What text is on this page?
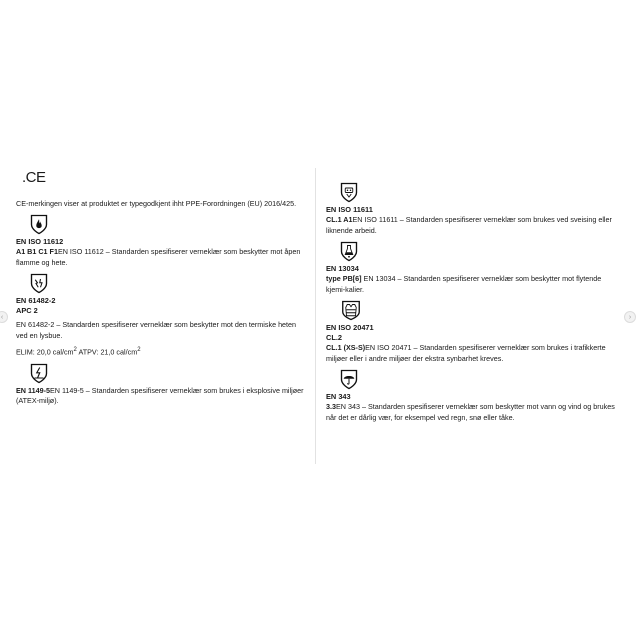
‹	›
.CE

CE-merkingen viser at produktet er typegodkjent ihht PPE-Forordningen (EU) 2016/425.

EN ISO 11612
A1 B1 C1 F1EN ISO 11612 – Standarden spesifiserer verneklær som beskytter mot åpen flamme og hete.
EN 61482-2
APC 2
EN 61482-2 – Standarden spesifiserer verneklær som beskytter mot den termiske heten ved en lysbue.
ELIM: 20,0 cal/$cm^2$ ATPV: 21,0 cal/$cm^2$
EN 1149-5EN 1149-5 – Standarden spesifiserer verneklær som brukes i eksplosive miljøer (ATEX-miljø).
EN ISO 11611
CL.1 A1EN ISO 11611 – Standarden spesifiserer verneklær som brukes ved sveising eller liknende arbeid.
EN 13034
type PB[6] EN 13034 – Standarden spesifiserer verneklær som beskytter mot flytende kjemi-kalier.
EN ISO 20471
CL.2
CL.1 (XS-S)EN ISO 20471 – Standarden spesifiserer verneklær som brukes i trafikkerte miljøer eller i andre miljøer der ekstra synbarhet kreves.
EN 343
3.3EN 343 – Standarden spesifiserer verneklær som beskytter mot vann og vind og brukes når det er dårlig vær, for eksempel ved regn, snø eller tåke.
